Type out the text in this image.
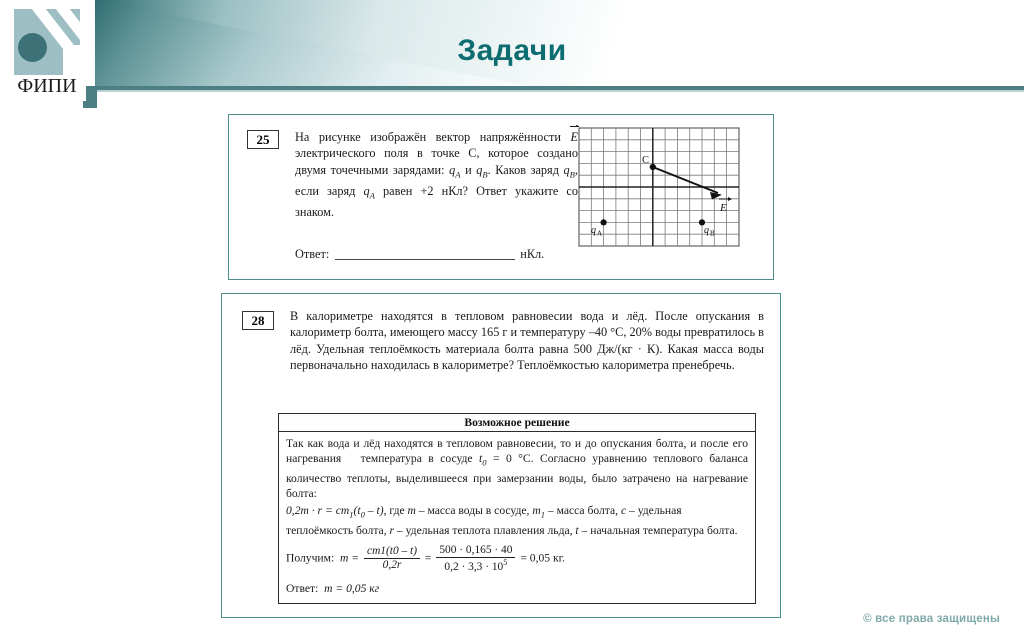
ФИПИ
Задачи
25	На рисунке изображён вектор напряжённости E электрического поля в точке С, которое создано двумя точечными зарядами: $q_A$ и $q_B$. Каков заряд $q_B$, если заряд $q_A$ равен +2 нКл? Ответ укажите со знаком.
Ответ:	нКл.
C
E
q A	q B
28	В калориметре находятся в тепловом равновесии вода и лёд. После опускания в калориметр болта, имеющего массу 165 г и температуру –40 °С, 20% воды превратилось в лёд. Удельная теплоёмкость материала болта равна 500 Дж/(кг · К). Какая масса воды первоначально находилась в калориметре? Теплоёмкостью калориметра пренебречь.
Возможное решение

Так как вода и лёд находятся в тепловом равновесии, то и до опускания болта, и после его нагревания   температура в сосуде $t_0 = 0$ °С. Согласно уравнению теплового баланса количество теплоты, выделившееся при замерзании воды, было затрачено на нагревание болта:

$0,2m \cdot r = cm_1(t_0 - t)$, где m – масса воды в сосуде, $m_1$ – масса болта, c – удельная теплоёмкость болта, r – удельная теплота плавления льда, t – начальная температура болта.

Получим: $m = \frac{cm1(t0 - t)}{0,2r} = \frac{500 \cdot 0,165 \cdot 40}{0,2 \cdot 3,3 \cdot 10^5} = 0,05$ кг.

Ответ: m = 0,05 кг

© все права защищены
